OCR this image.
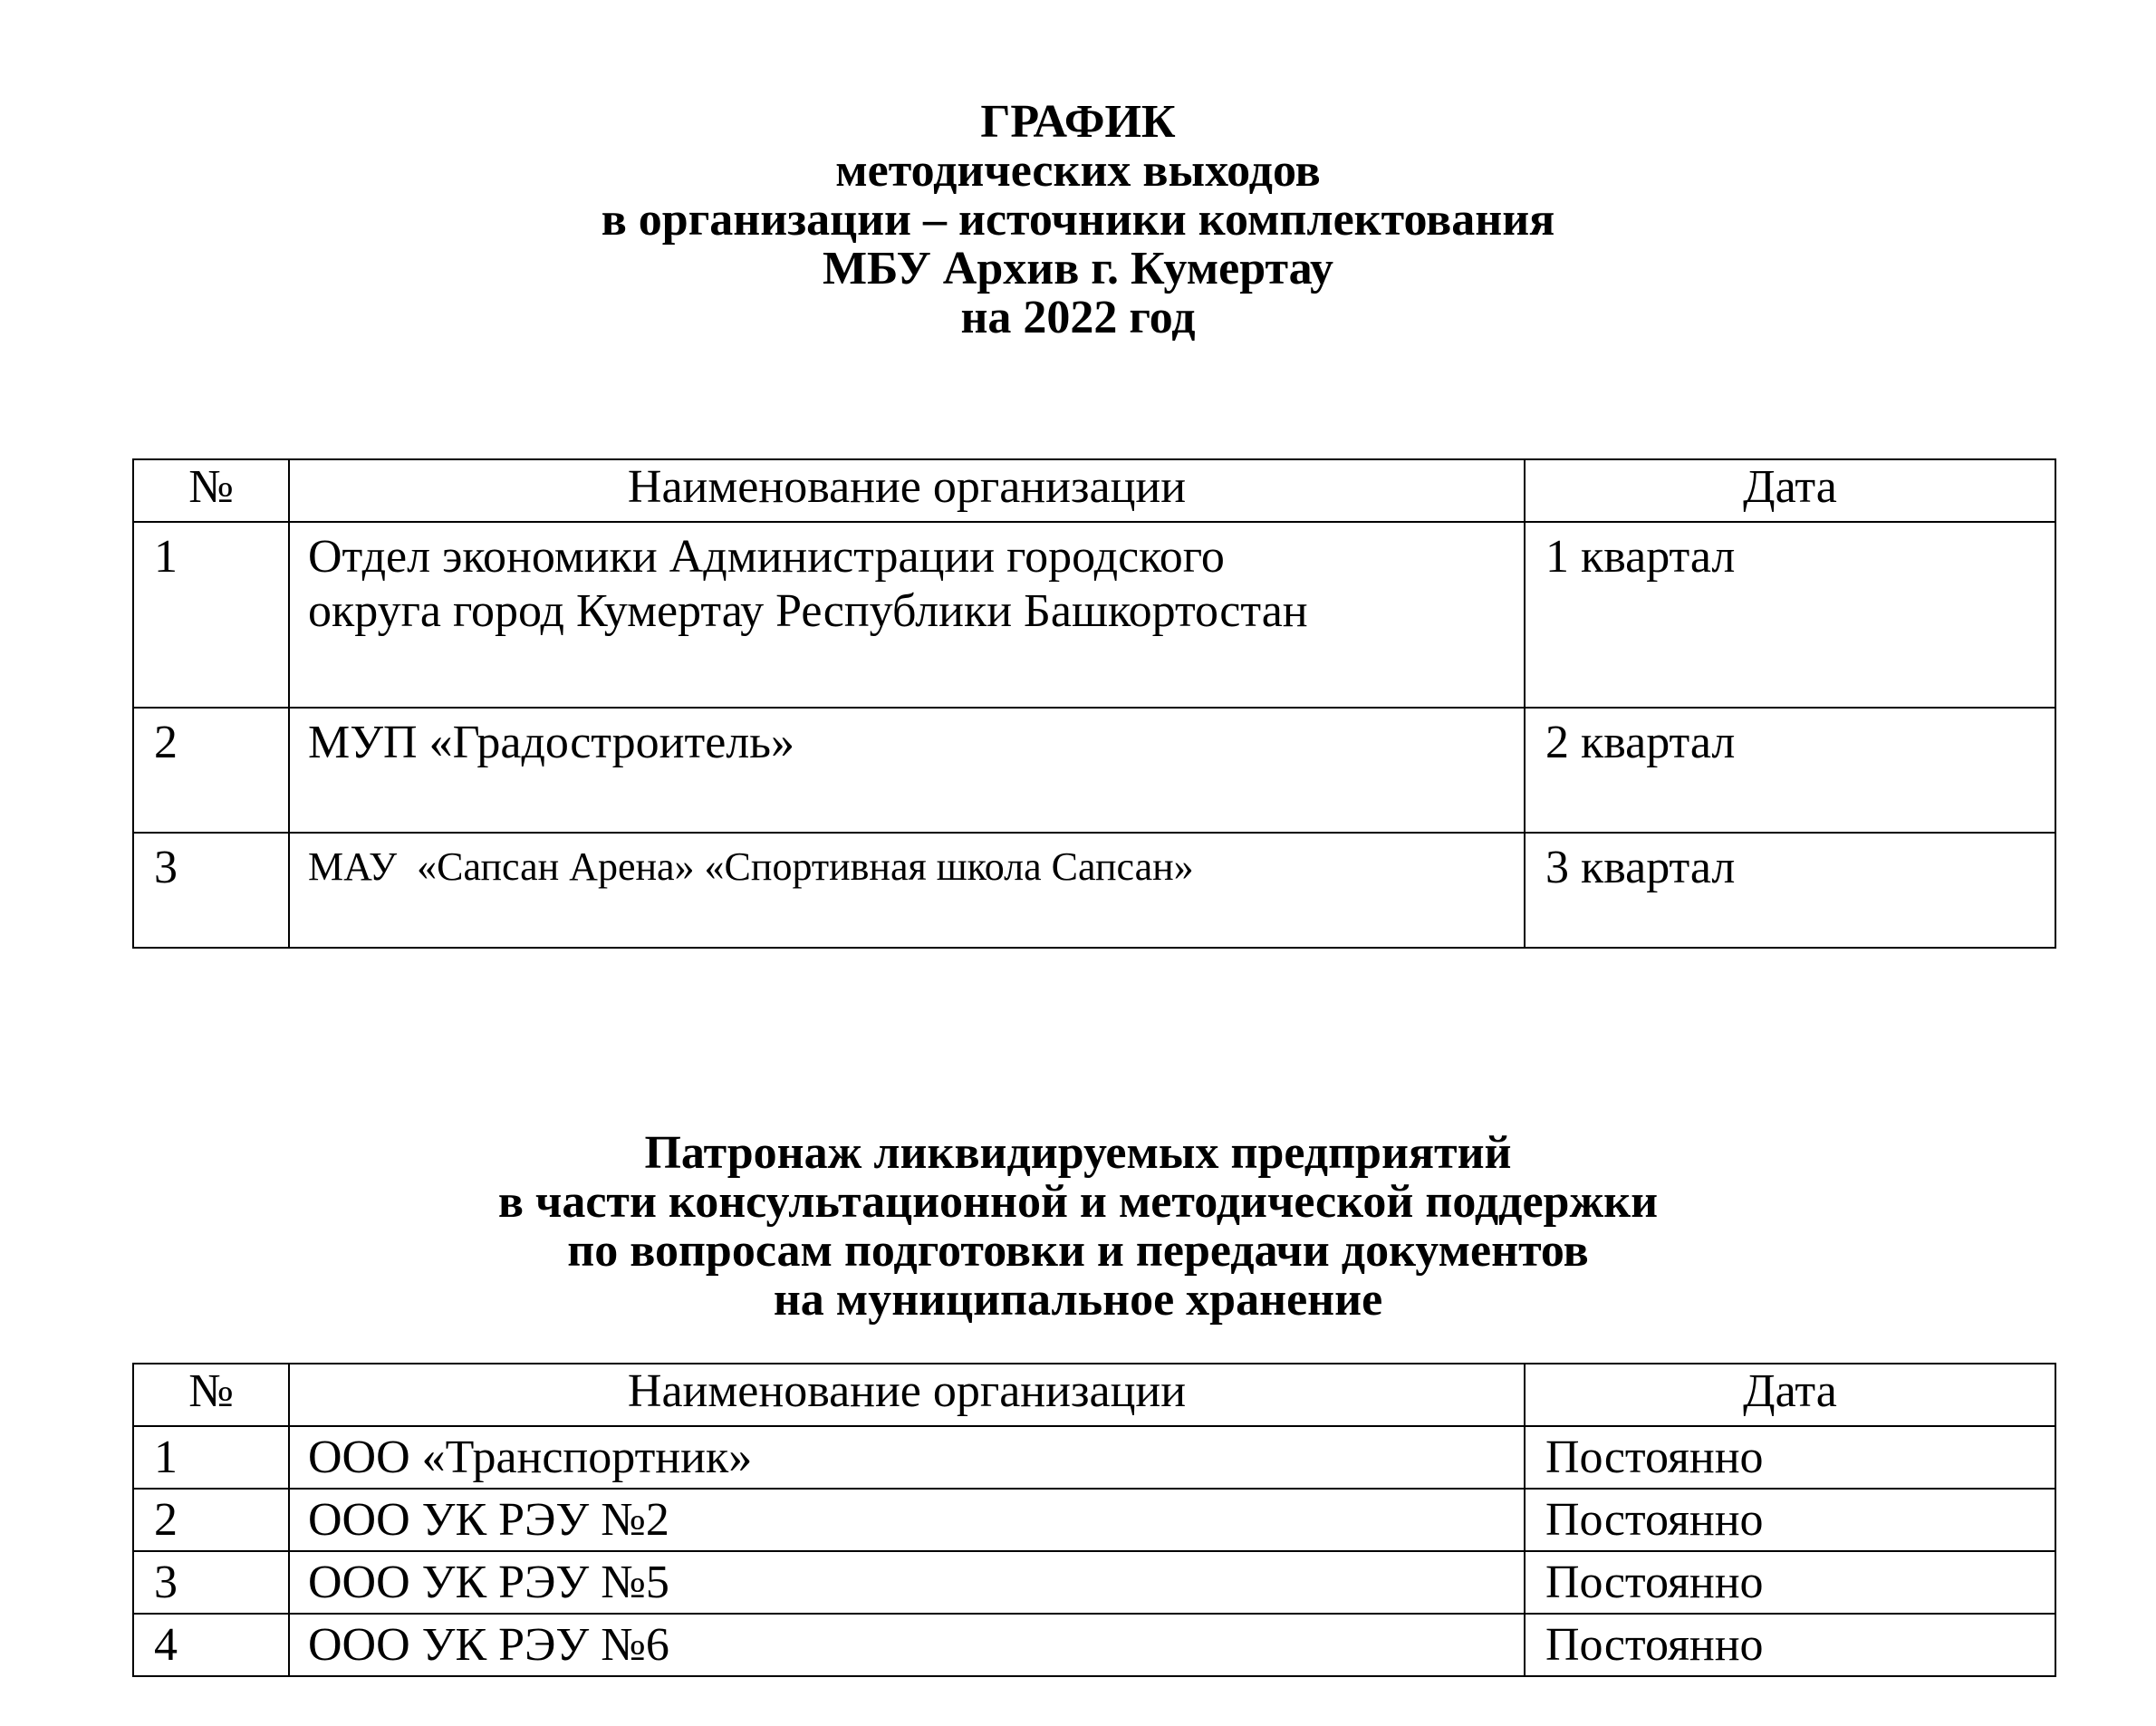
ГРАФИК
методических выходов
в организации – источники комплектования
МБУ Архив г. Кумертау
на 2022 год
№	Наименование организации	Дата

1	Отдел экономики Администрации городского
округа город Кумертау Республики Башкортостан	1 квартал

2	МУП «Градостроитель»	2 квартал

3	МАУ  «Сапсан Арена» «Спортивная школа Сапсан»	3 квартал
Патронаж ликвидируемых предприятий
в части консультационной и методической поддержки
по вопросам подготовки и передачи документов
на муниципальное хранение
№	Наименование организации	Дата

1	ООО «Транспортник»	Постоянно

2	ООО УК РЭУ №2	Постоянно

3	ООО УК РЭУ №5	Постоянно

4	ООО УК РЭУ №6	Постоянно
